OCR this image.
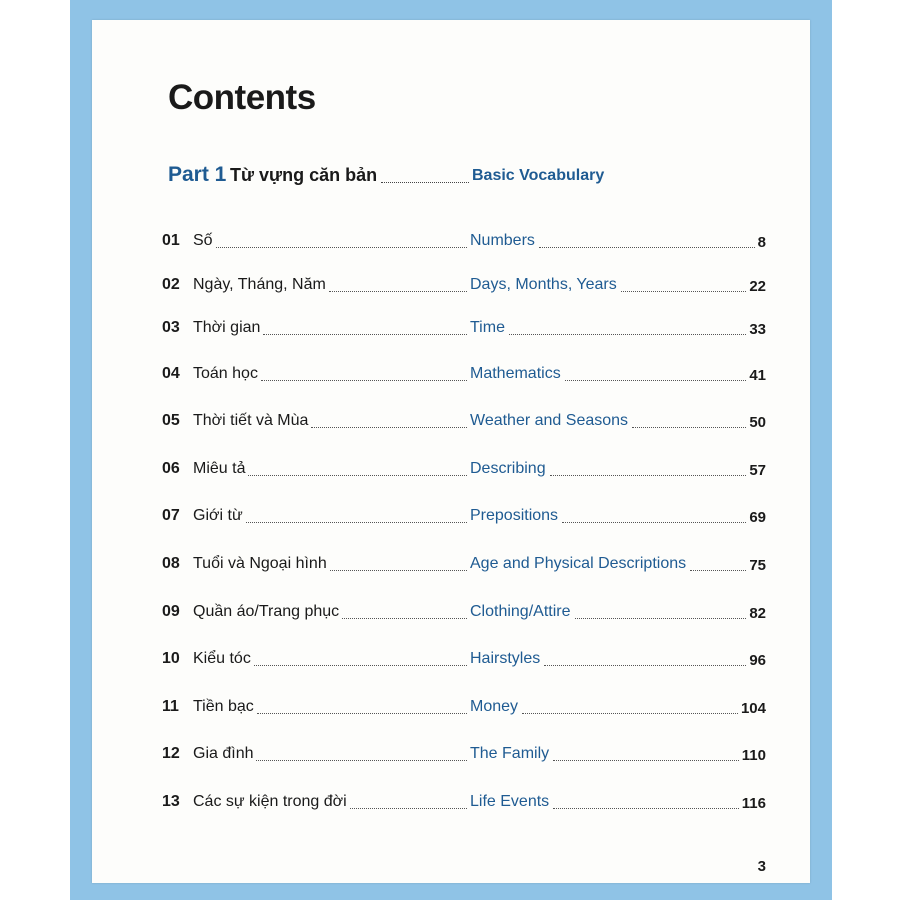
Contents
Part 1 Từ vựng căn bản	Basic Vocabulary
01 Số	Numbers	8
02 Ngày, Tháng, Năm	Days, Months, Years	22
03 Thời gian	Time	33
04 Toán học	Mathematics	41
05 Thời tiết và Mùa	Weather and Seasons	50
06 Miêu tả	Describing	57
07 Giới từ	Prepositions	69
08 Tuổi và Ngoại hình	Age and Physical Descriptions	75
09 Quần áo/Trang phục	Clothing/Attire	82
10 Kiểu tóc	Hairstyles	96
11 Tiền bạc	Money	104
12 Gia đình	The Family	110
13 Các sự kiện trong đời	Life Events	116
3
